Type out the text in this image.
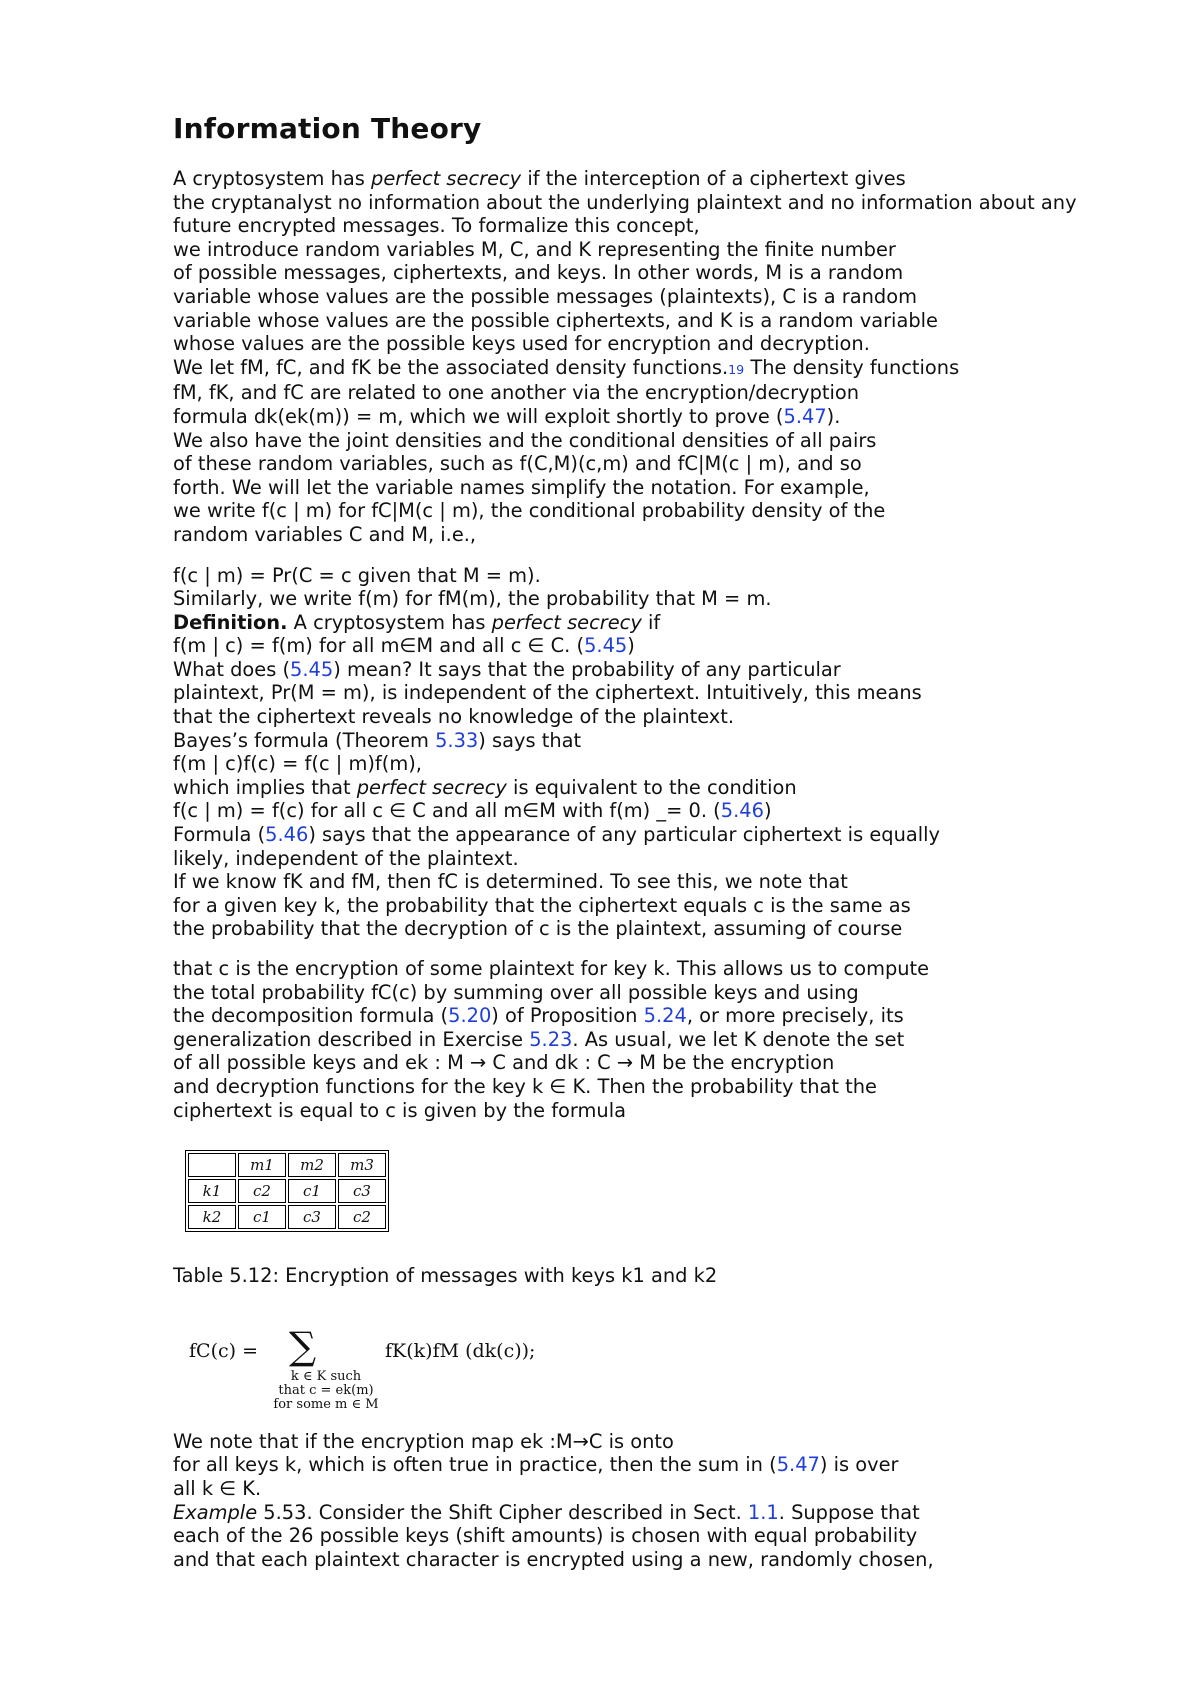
Information Theory
A cryptosystem has perfect secrecy if the interception of a ciphertext gives
the cryptanalyst no information about the underlying plaintext and no information about any
future encrypted messages. To formalize this concept,
we introduce random variables M, C, and K representing the finite number
of possible messages, ciphertexts, and keys. In other words, M is a random
variable whose values are the possible messages (plaintexts), C is a random
variable whose values are the possible ciphertexts, and K is a random variable
whose values are the possible keys used for encryption and decryption.
We let fM, fC, and fK be the associated density functions.19 The density functions
fM, fK, and fC are related to one another via the encryption/decryption
formula dk(ek(m)) = m, which we will exploit shortly to prove (5.47).
We also have the joint densities and the conditional densities of all pairs
of these random variables, such as f(C,M)(c,m) and fC|M(c | m), and so
forth. We will let the variable names simplify the notation. For example,
we write f(c | m) for fC|M(c | m), the conditional probability density of the
random variables C and M, i.e.,
f(c | m) = Pr(C = c given that M = m).
Similarly, we write f(m) for fM(m), the probability that M = m.
Definition. A cryptosystem has perfect secrecy if
f(m | c) = f(m) for all m∈M and all c ∈ C. (5.45)
What does (5.45) mean? It says that the probability of any particular
plaintext, Pr(M = m), is independent of the ciphertext. Intuitively, this means
that the ciphertext reveals no knowledge of the plaintext.
Bayes’s formula (Theorem 5.33) says that
f(m | c)f(c) = f(c | m)f(m),
which implies that perfect secrecy is equivalent to the condition
f(c | m) = f(c) for all c ∈ C and all m∈M with f(m) _= 0. (5.46)
Formula (5.46) says that the appearance of any particular ciphertext is equally
likely, independent of the plaintext.
If we know fK and fM, then fC is determined. To see this, we note that
for a given key k, the probability that the ciphertext equals c is the same as
the probability that the decryption of c is the plaintext, assuming of course
that c is the encryption of some plaintext for key k. This allows us to compute
the total probability fC(c) by summing over all possible keys and using
the decomposition formula (5.20) of Proposition 5.24, or more precisely, its
generalization described in Exercise 5.23. As usual, we let K denote the set
of all possible keys and ek : M → C and dk : C → M be the encryption
and decryption functions for the key k ∈ K. Then the probability that the
ciphertext is equal to c is given by the formula
	m1	m2	m3
k1	c2	c1	c3
k2	c1	c3	c2
Table 5.12: Encryption of messages with keys k1 and k2
fC(c) = ∑	fK(k)fM (dk(c));
k ∈ K such
that c = ek(m)
for some m ∈ M
We note that if the encryption map ek :M→C is onto
for all keys k, which is often true in practice, then the sum in (5.47) is over
all k ∈ K.
Example 5.53. Consider the Shift Cipher described in Sect. 1.1. Suppose that
each of the 26 possible keys (shift amounts) is chosen with equal probability
and that each plaintext character is encrypted using a new, randomly chosen,
